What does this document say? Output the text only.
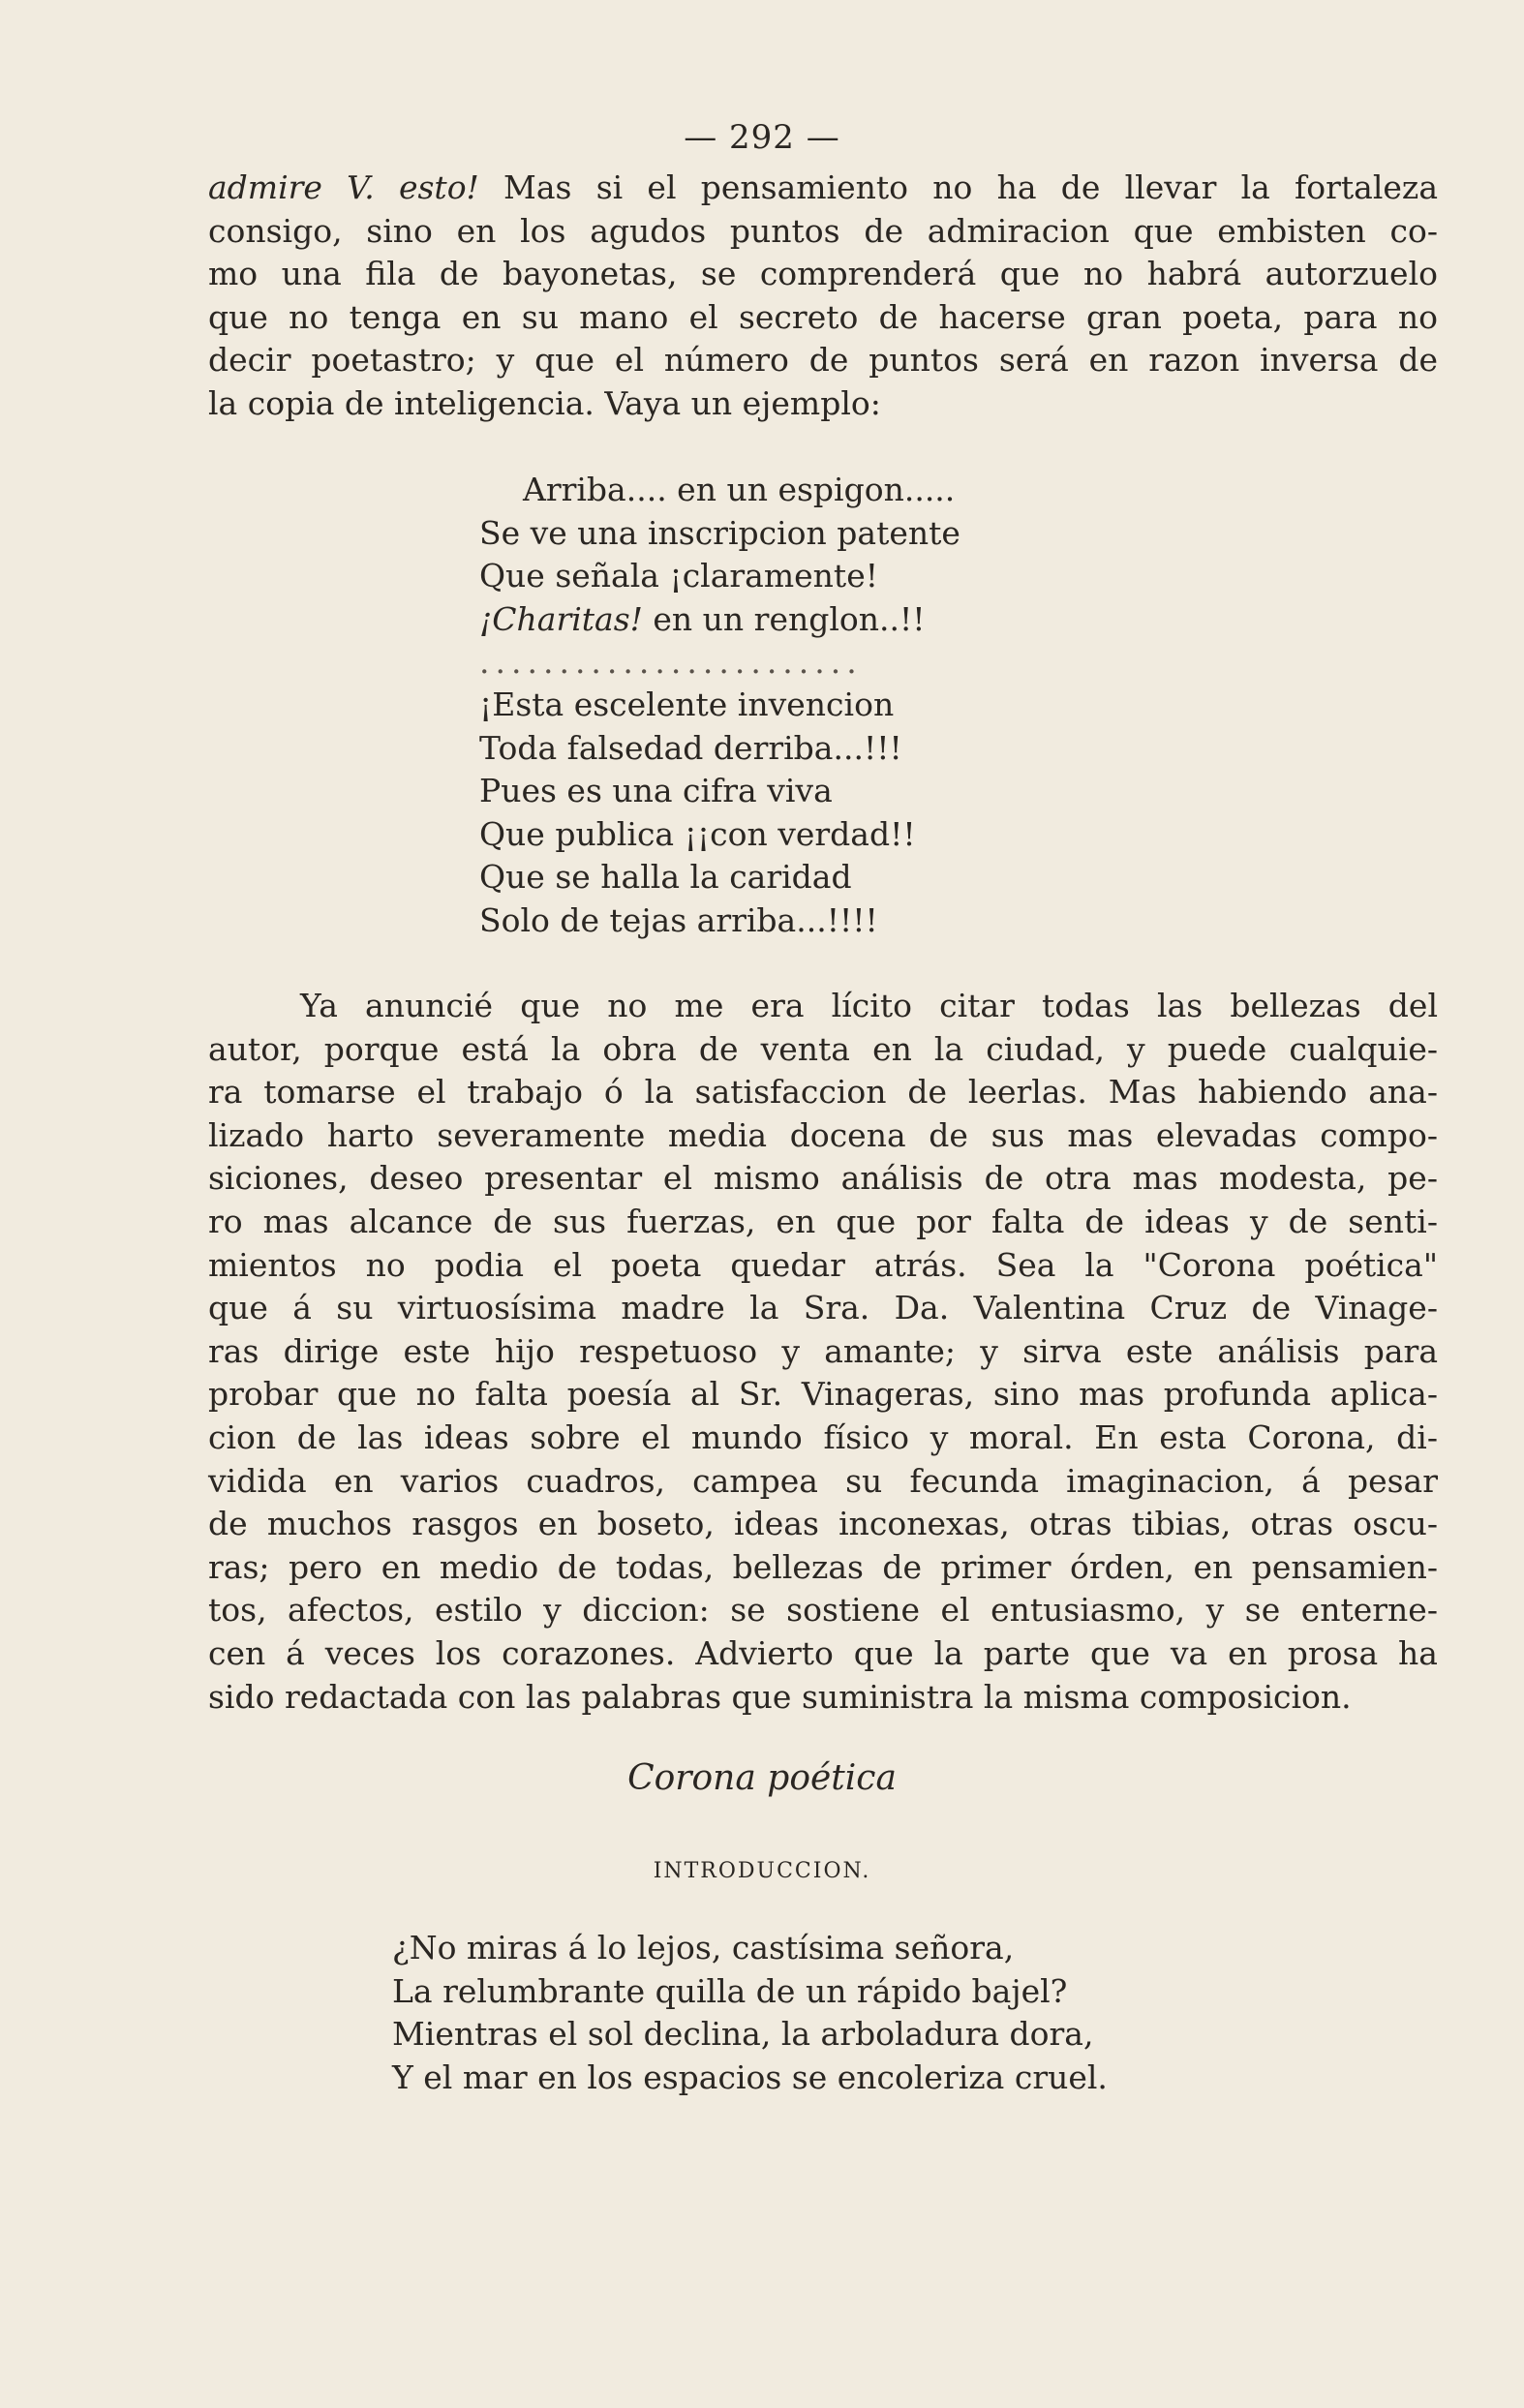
— 292 —
admire V. esto! Mas si el pensamiento no ha de llevar la fortaleza
consigo, sino en los agudos puntos de admiracion que embisten co-
mo una fila de bayonetas, se comprenderá que no habrá autorzuelo
que no tenga en su mano el secreto de hacerse gran poeta, para no
decir poetastro; y que el número de puntos será en razon inversa de
la copia de inteligencia. Vaya un ejemplo:
Arriba.... en un espigon.....
Se ve una inscripcion patente
Que señala ¡claramente!
¡Charitas! en un renglon..!!
........................
¡Esta escelente invencion
Toda falsedad derriba...!!!
Pues es una cifra viva
Que publica ¡¡con verdad!!
Que se halla la caridad
Solo de tejas arriba...!!!!
Ya anuncié que no me era lícito citar todas las bellezas del
autor, porque está la obra de venta en la ciudad, y puede cualquie-
ra tomarse el trabajo ó la satisfaccion de leerlas. Mas habiendo ana-
lizado harto severamente media docena de sus mas elevadas compo-
siciones, deseo presentar el mismo análisis de otra mas modesta, pe-
ro mas alcance de sus fuerzas, en que por falta de ideas y de senti-
mientos no podia el poeta quedar atrás. Sea la "Corona poética"
que á su virtuosísima madre la Sra. Da. Valentina Cruz de Vinage-
ras dirige este hijo respetuoso y amante; y sirva este análisis para
probar que no falta poesía al Sr. Vinageras, sino mas profunda aplica-
cion de las ideas sobre el mundo físico y moral. En esta Corona, di-
vidida en varios cuadros, campea su fecunda imaginacion, á pesar
de muchos rasgos en boseto, ideas inconexas, otras tibias, otras oscu-
ras; pero en medio de todas, bellezas de primer órden, en pensamien-
tos, afectos, estilo y diccion: se sostiene el entusiasmo, y se enterne-
cen á veces los corazones. Advierto que la parte que va en prosa ha
sido redactada con las palabras que suministra la misma composicion.
Corona poética
INTRODUCCION.
¿No miras á lo lejos, castísima señora,
La relumbrante quilla de un rápido bajel?
Mientras el sol declina, la arboladura dora,
Y el mar en los espacios se encoleriza cruel.
